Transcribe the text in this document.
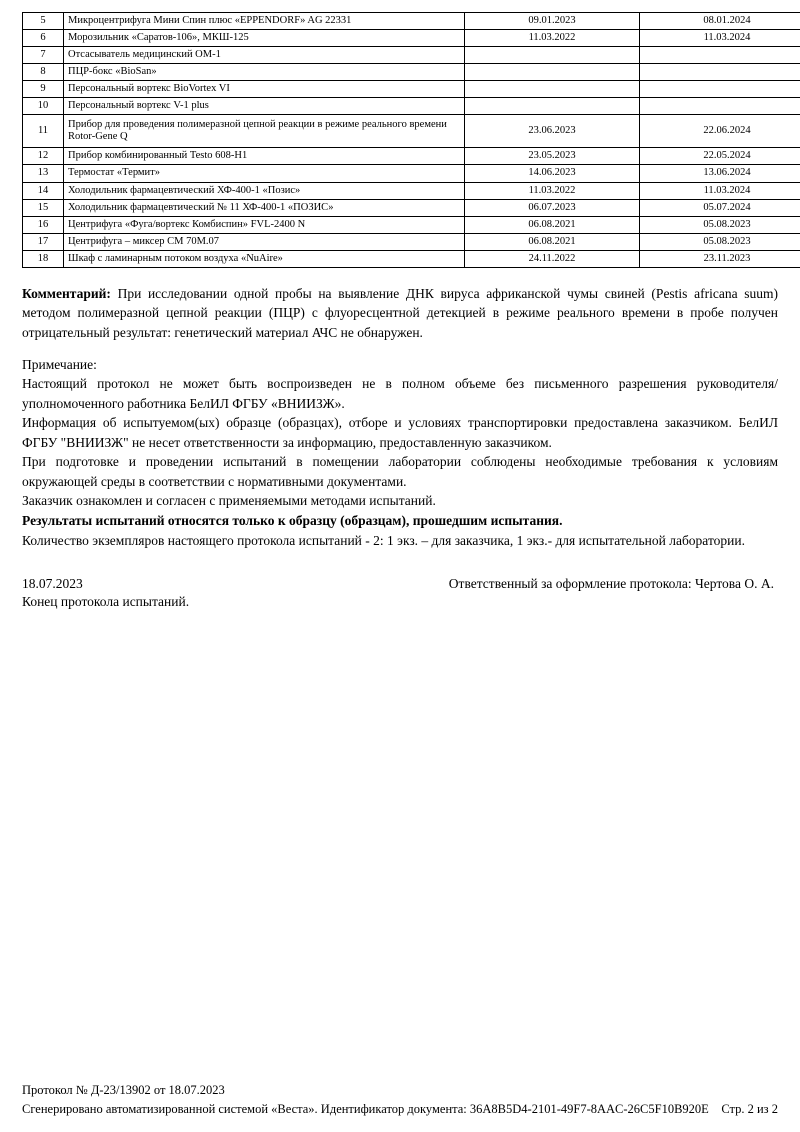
5	Микроцентрифуга Мини Спин плюс «EPPENDORF» AG 22331	09.01.2023	08.01.2024
6	Морозильник «Саратов-106», МКШ-125	11.03.2022	11.03.2024
7	Отсасыватель медицинский ОМ-1		
8	ПЦР-бокс «BioSan»		
9	Персональный вортекс BioVortex VI		
10	Персональный вортекс V-1 plus		
11	Прибор для проведения полимеразной цепной реакции в режиме реального времени Rotor-Gene Q	23.06.2023	22.06.2024
12	Прибор комбинированный Testo 608-H1	23.05.2023	22.05.2024
13	Термостат «Термит»	14.06.2023	13.06.2024
14	Холодильник фармацевтический ХФ-400-1 «Позис»	11.03.2022	11.03.2024
15	Холодильник фармацевтический № 11 ХФ-400-1 «ПОЗИС»	06.07.2023	05.07.2024
16	Центрифуга «Фуга/вортекс Комбиспин» FVL-2400 N	06.08.2021	05.08.2023
17	Центрифуга – миксер СМ 70М.07	06.08.2021	05.08.2023
18	Шкаф с ламинарным потоком воздуха «NuAire»	24.11.2022	23.11.2023
Комментарий: При исследовании одной пробы на выявление ДНК вируса африканской чумы свиней (Pestis africana suum) методом полимеразной цепной реакции (ПЦР) с флуоресцентной детекцией в режиме реального времени в пробе получен отрицательный результат: генетический материал АЧС не обнаружен.
Примечание:
Настоящий протокол не может быть воспроизведен не в полном объеме без письменного разрешения руководителя/уполномоченного работника БелИЛ ФГБУ «ВНИИЗЖ».
Информация об испытуемом(ых) образце (образцах), отборе и условиях транспортировки предоставлена заказчиком. БелИЛ ФГБУ "ВНИИЗЖ" не несет ответственности за информацию, предоставленную заказчиком.
При подготовке и проведении испытаний в помещении лаборатории соблюдены необходимые требования к условиям окружающей среды в соответствии с нормативными документами.
Заказчик ознакомлен и согласен с применяемыми методами испытаний.
Результаты испытаний относятся только к образцу (образцам), прошедшим испытания.
Количество экземпляров настоящего протокола испытаний - 2: 1 экз. – для заказчика, 1 экз.- для испытательной лаборатории.
18.07.2023	Ответственный за оформление протокола: Чертова О. А.
Конец протокола испытаний.
Протокол № Д-23/13902 от 18.07.2023
Сгенерировано автоматизированной системой «Веста». Идентификатор документа: 36A8B5D4-2101-49F7-8AAC-26C5F10B920E	Стр. 2 из 2
